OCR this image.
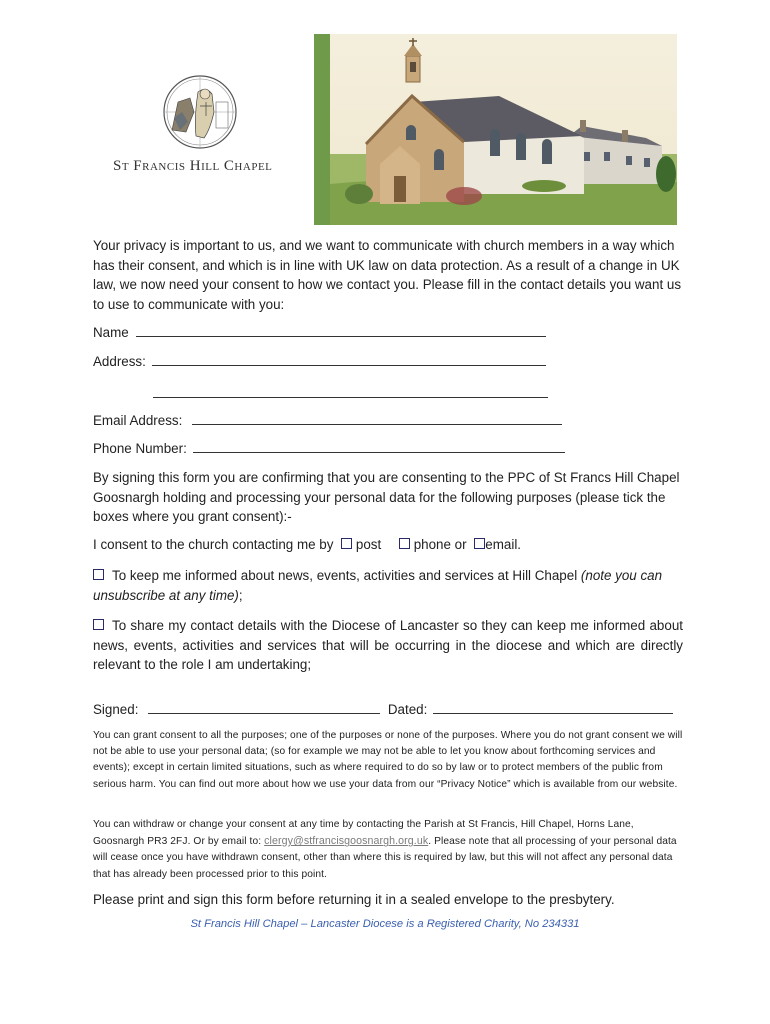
St Francis Hill Chapel
Your privacy is important to us, and we want to communicate with church members in a way which has their consent, and which is in line with UK law on data protection. As a result of a change in UK law, we now need your consent to how we contact you. Please fill in the contact details you want us to use to communicate with you:
Name
Address:
Email Address:
Phone Number:
By signing this form you are confirming that you are consenting to the PPC of St Francs Hill Chapel Goosnargh holding and processing your personal data for the following purposes (please tick the boxes where you grant consent):-
I consent to the church contacting me by post phone or email.
To keep me informed about news, events, activities and services at Hill Chapel (note you can unsubscribe at any time);
To share my contact details with the Diocese of Lancaster so they can keep me informed about news, events, activities and services that will be occurring in the diocese and which are directly relevant to the role I am undertaking;
Signed:	Dated:
You can grant consent to all the purposes; one of the purposes or none of the purposes. Where you do not grant consent we will not be able to use your personal data; (so for example we may not be able to let you know about forthcoming services and events); except in certain limited situations, such as where required to do so by law or to protect members of the public from serious harm. You can find out more about how we use your data from our “Privacy Notice” which is available from our website.
You can withdraw or change your consent at any time by contacting the Parish at St Francis, Hill Chapel, Horns Lane, Goosnargh PR3 2FJ. Or by email to: clergy@stfrancisgoosnargh.org.uk. Please note that all processing of your personal data will cease once you have withdrawn consent, other than where this is required by law, but this will not affect any personal data that has already been processed prior to this point.
Please print and sign this form before returning it in a sealed envelope to the presbytery.
St Francis Hill Chapel – Lancaster Diocese is a Registered Charity, No 234331
